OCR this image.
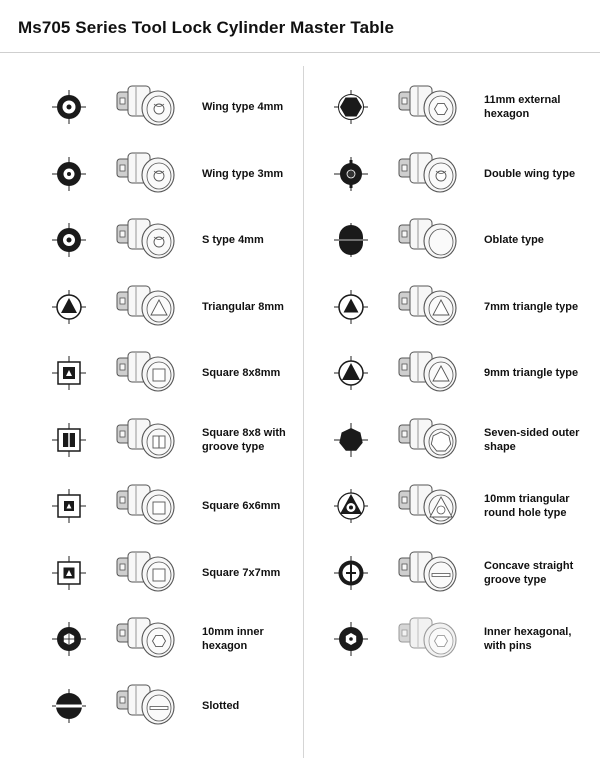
Ms705 Series Tool Lock Cylinder Master Table
Wing type 4mm
Wing type 3mm
S type 4mm
Triangular 8mm
Square 8x8mm
Square 8x8 with groove type
Square 6x6mm
Square 7x7mm
10mm inner hexagon
Slotted
11mm external hexagon
Double wing type
Oblate type
7mm triangle type
9mm triangle type
Seven-sided outer shape
10mm triangular round hole type
Concave straight groove type
Inner hexagonal, with pins
